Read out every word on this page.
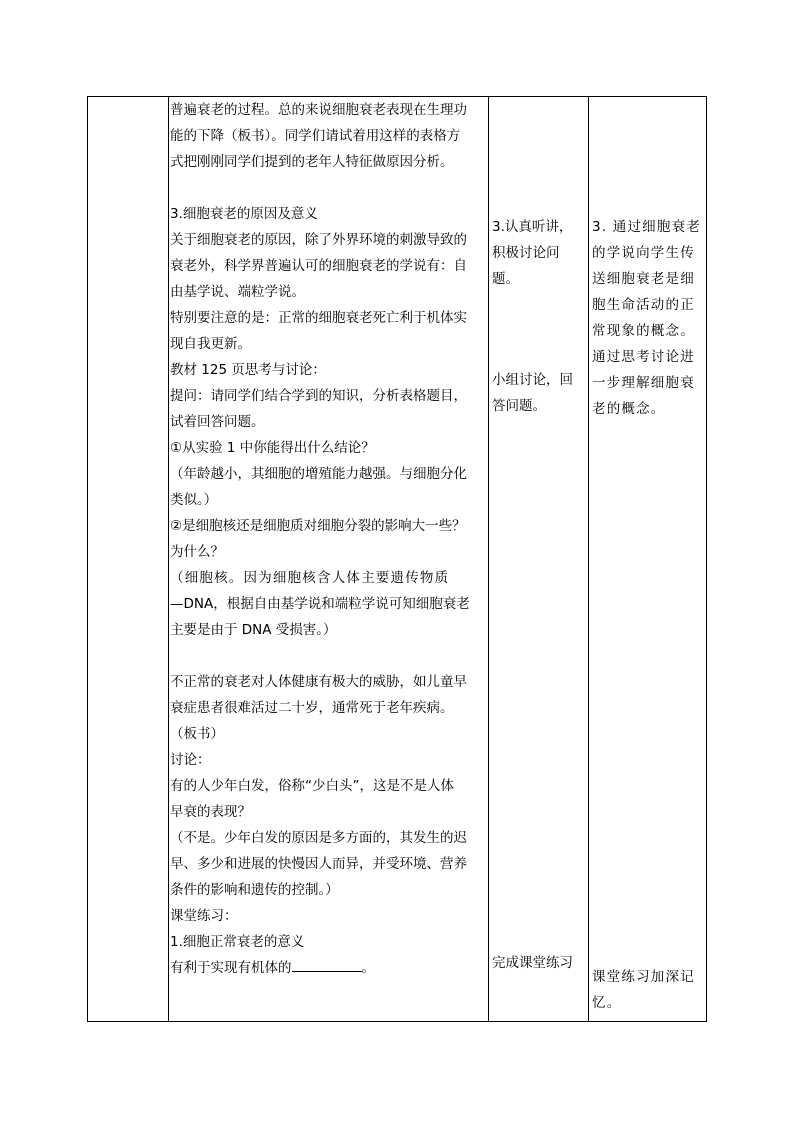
普遍衰老的过程。总的来说细胞衰老表现在生理功

能的下降（板书）。同学们请试着用这样的表格方

式把刚刚同学们提到的老年人特征做原因分析。

3.细胞衰老的原因及意义

关于细胞衰老的原因，除了外界环境的刺激导致的

衰老外，科学界普遍认可的细胞衰老的学说有：自

由基学说、端粒学说。

特别要注意的是：正常的细胞衰老死亡利于机体实

现自我更新。

教材 125 页思考与讨论：

提问：请同学们结合学到的知识，分析表格题目，

试着回答问题。

①从实验 1 中你能得出什么结论？

（年龄越小，其细胞的增殖能力越强。与细胞分化

类似。）

②是细胞核还是细胞质对细胞分裂的影响大一些？

为什么？

（细胞核。因为细胞核含人体主要遗传物质

—DNA，根据自由基学说和端粒学说可知细胞衰老

主要是由于 DNA 受损害。）

不正常的衰老对人体健康有极大的威胁，如儿童早

衰症患者很难活过二十岁，通常死于老年疾病。

（板书）

讨论：

有的人少年白发，俗称“少白头”，这是不是人体

早衰的表现？

（不是。少年白发的原因是多方面的，其发生的迟

早、多少和进展的快慢因人而异，并受环境、营养

条件的影响和遗传的控制。）

课堂练习：

1.细胞正常衰老的意义

有利于实现有机体的	。

3.认真听讲，

积极讨论问题。

小组讨论，回

答问题。

完成课堂练习

3. 通过细胞衰老

的学说向学生传

送细胞衰老是细

胞生命活动的正

常现象的概念。

通过思考讨论进

一步理解细胞衰

老的概念。

课堂练习加深记

忆。
